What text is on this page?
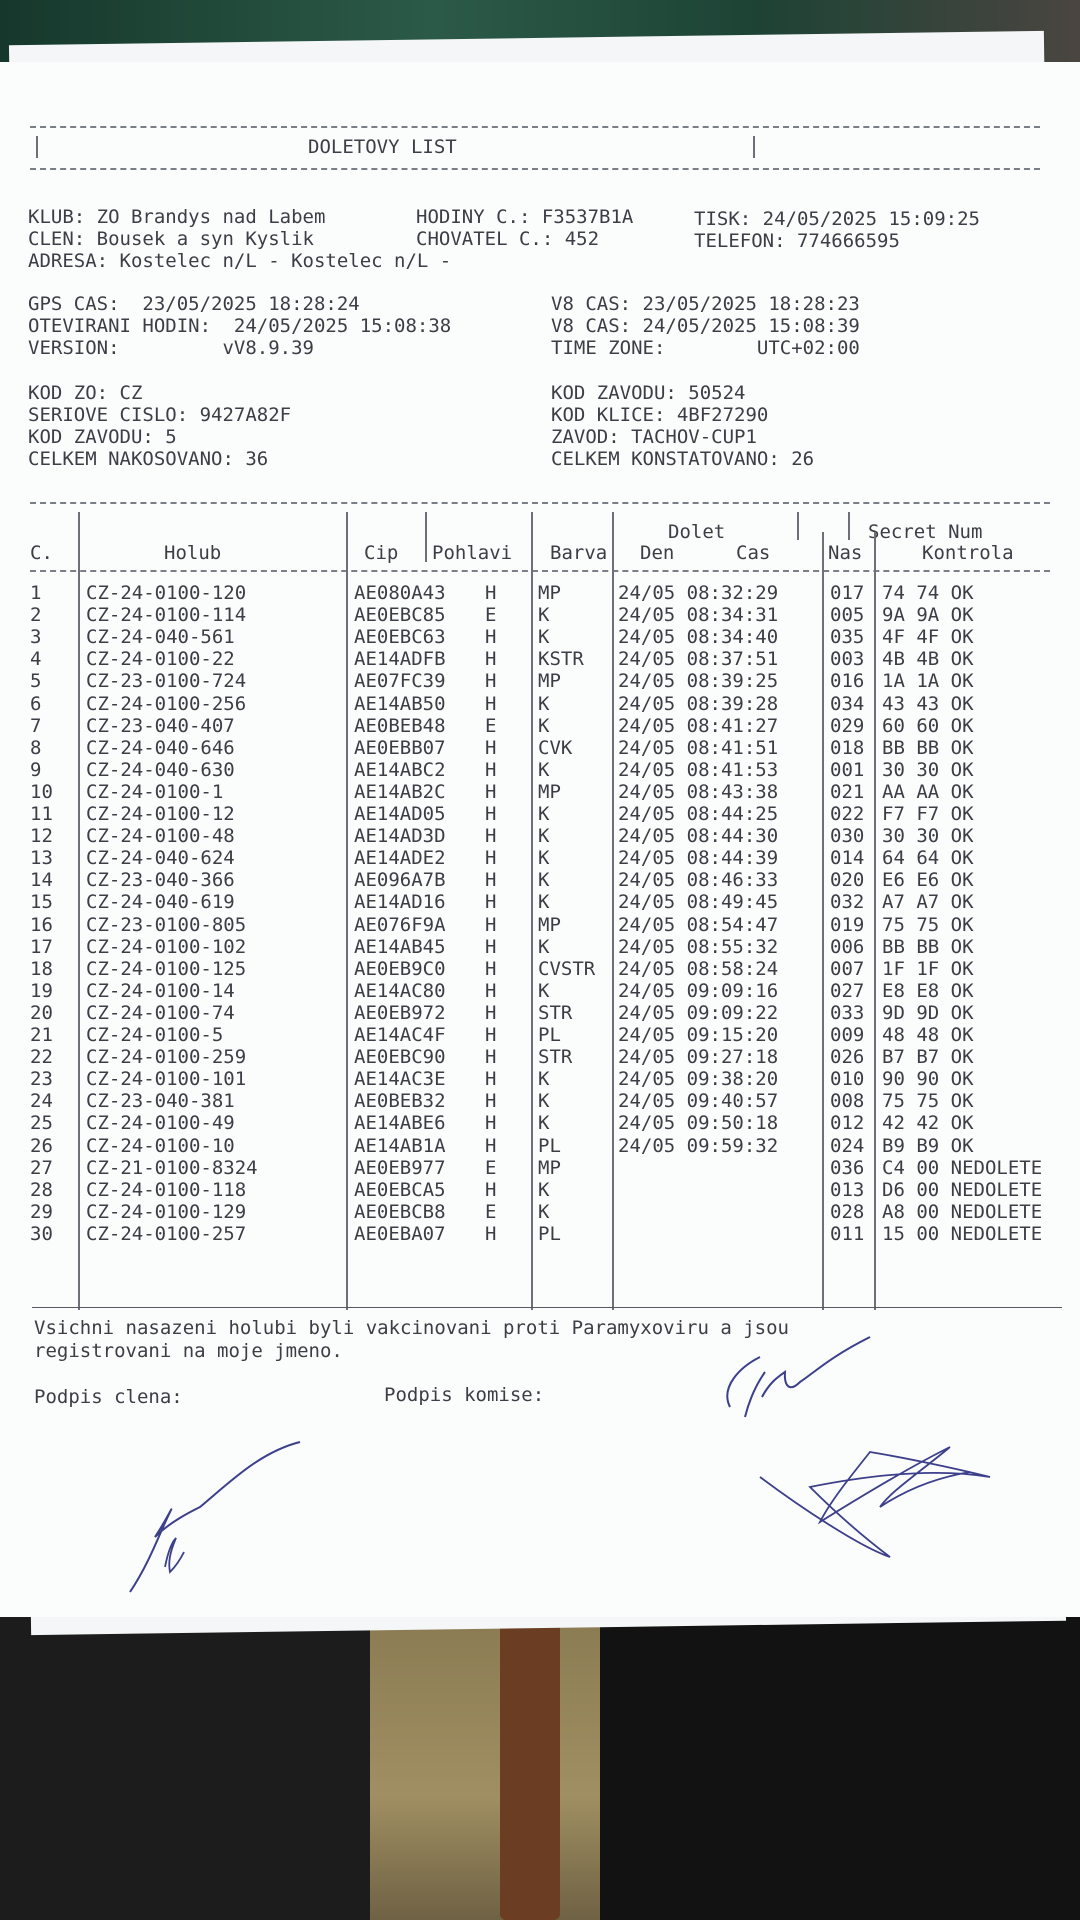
DOLETOVY LIST
KLUB: ZO Brandys nad Labem
CLEN: Bousek a syn Kyslik
ADRESA: Kostelec n/L - Kostelec n/L -
HODINY C.: F3537B1A
CHOVATEL C.: 452
TISK: 24/05/2025 15:09:25
TELEFON: 774666595
GPS CAS:  23/05/2025 18:28:24
OTEVIRANI HODIN:  24/05/2025 15:08:38
VERSION:         vV8.9.39
V8 CAS: 23/05/2025 18:28:23
V8 CAS: 24/05/2025 15:08:39
TIME ZONE:        UTC+02:00
KOD ZO: CZ
SERIOVE CISLO: 9427A82F
KOD ZAVODU: 5
CELKEM NAKOSOVANO: 36
KOD ZAVODU: 50524
KOD KLICE: 4BF27290
ZAVOD: TACHOV-CUP1
CELKEM KONSTATOVANO: 26
C.	Holub	Cip Pohlavi Barva
Dolet
Den	Cas
Secret Num
Nas	Kontrola
1 CZ-24-0100-120	AE080A43 H MP	24/05 08:32:29	017 74 74 OK
2 CZ-24-0100-114	AE0EBC85 E K	24/05 08:34:31	005 9A 9A OK
3 CZ-24-040-561	AE0EBC63 H K	24/05 08:34:40	035 4F 4F OK
4 CZ-24-0100-22	AE14ADFB H KSTR 24/05 08:37:51	003 4B 4B OK
5 CZ-23-0100-724	AE07FC39 H MP	24/05 08:39:25	016 1A 1A OK
6 CZ-24-0100-256	AE14AB50 H K	24/05 08:39:28	034 43 43 OK
7 CZ-23-040-407	AE0BEB48 E K	24/05 08:41:27	029 60 60 OK
8 CZ-24-040-646	AE0EBB07 H CVK 24/05 08:41:51	018 BB BB OK
9 CZ-24-040-630	AE14ABC2 H K	24/05 08:41:53	001 30 30 OK
10 CZ-24-0100-1	AE14AB2C H MP	24/05 08:43:38	021 AA AA OK
11 CZ-24-0100-12	AE14AD05 H K	24/05 08:44:25	022 F7 F7 OK
12 CZ-24-0100-48	AE14AD3D H K	24/05 08:44:30	030 30 30 OK
13 CZ-24-040-624	AE14ADE2 H K	24/05 08:44:39	014 64 64 OK
14 CZ-23-040-366	AE096A7B H K	24/05 08:46:33	020 E6 E6 OK
15 CZ-24-040-619	AE14AD16 H K	24/05 08:49:45	032 A7 A7 OK
16 CZ-23-0100-805	AE076F9A H MP	24/05 08:54:47	019 75 75 OK
17 CZ-24-0100-102	AE14AB45 H K	24/05 08:55:32	006 BB BB OK
18 CZ-24-0100-125	AE0EB9C0 H CVSTR 24/05 08:58:24	007 1F 1F OK
19 CZ-24-0100-14	AE14AC80 H K	24/05 09:09:16	027 E8 E8 OK
20 CZ-24-0100-74	AE0EB972 H STR 24/05 09:09:22	033 9D 9D OK
21 CZ-24-0100-5	AE14AC4F H PL	24/05 09:15:20	009 48 48 OK
22 CZ-24-0100-259	AE0EBC90 H STR 24/05 09:27:18	026 B7 B7 OK
23 CZ-24-0100-101	AE14AC3E H K	24/05 09:38:20	010 90 90 OK
24 CZ-23-040-381	AE0BEB32 H K	24/05 09:40:57	008 75 75 OK
25 CZ-24-0100-49	AE14ABE6 H K	24/05 09:50:18	012 42 42 OK
26 CZ-24-0100-10	AE14AB1A H PL	24/05 09:59:32	024 B9 B9 OK
27 CZ-21-0100-8324	AE0EB977 E MP	036 C4 00 NEDOLETE
28 CZ-24-0100-118	AE0EBCA5 H K	013 D6 00 NEDOLETE
29 CZ-24-0100-129	AE0EBCB8 E K	028 A8 00 NEDOLETE
30 CZ-24-0100-257	AE0EBA07 H PL	011 15 00 NEDOLETE
Vsichni nasazeni holubi byli vakcinovani proti Paramyxoviru a jsou
registrovani na moje jmeno.
Podpis clena:	Podpis komise:
